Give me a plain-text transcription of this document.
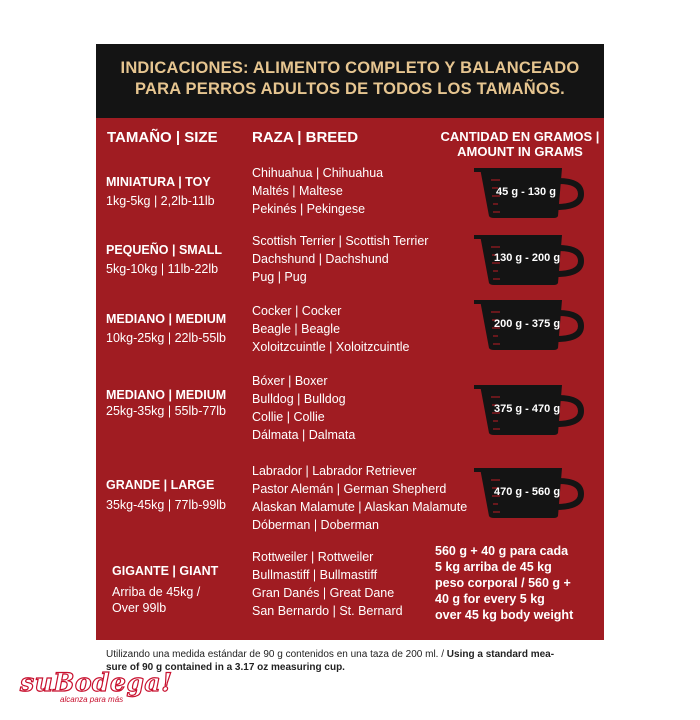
INDICACIONES: ALIMENTO COMPLETO Y BALANCEADO
PARA PERROS ADULTOS DE TODOS LOS TAMAÑOS.
TAMAÑO | SIZE RAZA | BREED	CANTIDAD EN GRAMOS |
AMOUNT IN GRAMS
MINIATURA | TOY
1kg-5kg | 2,2lb-11lb
Chihuahua | Chihuahua
Maltés | Maltese
Pekinés | Pekingese
PEQUEÑO | SMALL
5kg-10kg | 11lb-22lb
Scottish Terrier | Scottish Terrier
Dachshund | Dachshund
Pug | Pug
MEDIANO | MEDIUM
10kg-25kg | 22lb-55lb
Cocker | Cocker
Beagle | Beagle
Xoloitzcuintle | Xoloitzcuintle
MEDIANO | MEDIUM
25kg-35kg | 55lb-77lb
Bóxer | Boxer
Bulldog | Bulldog
Collie | Collie
Dálmata | Dalmata
GRANDE | LARGE
35kg-45kg | 77lb-99lb
Labrador | Labrador Retriever
Pastor Alemán | German Shepherd
Alaskan Malamute | Alaskan Malamute
Dóberman | Doberman
45 g - 130 g
130 g - 200 g
200 g - 375 g
375 g - 470 g
470 g - 560 g
GIGANTE | GIANT
Arriba de 45kg /
Over 99lb
Rottweiler | Rottweiler
Bullmastiff | Bullmastiff
Gran Danés | Great Dane
San Bernardo | St. Bernard
560 g + 40 g para cada
5 kg arriba de 45 kg
peso corporal / 560 g +
40 g for every 5 kg
over 45 kg body weight
Utilizando una medida estándar de 90 g contenidos en una taza de 200 ml. / Using a standard mea-
sure of 90 g contained in a 3.17 oz measuring cup.
suBodega!
alcanza para más
